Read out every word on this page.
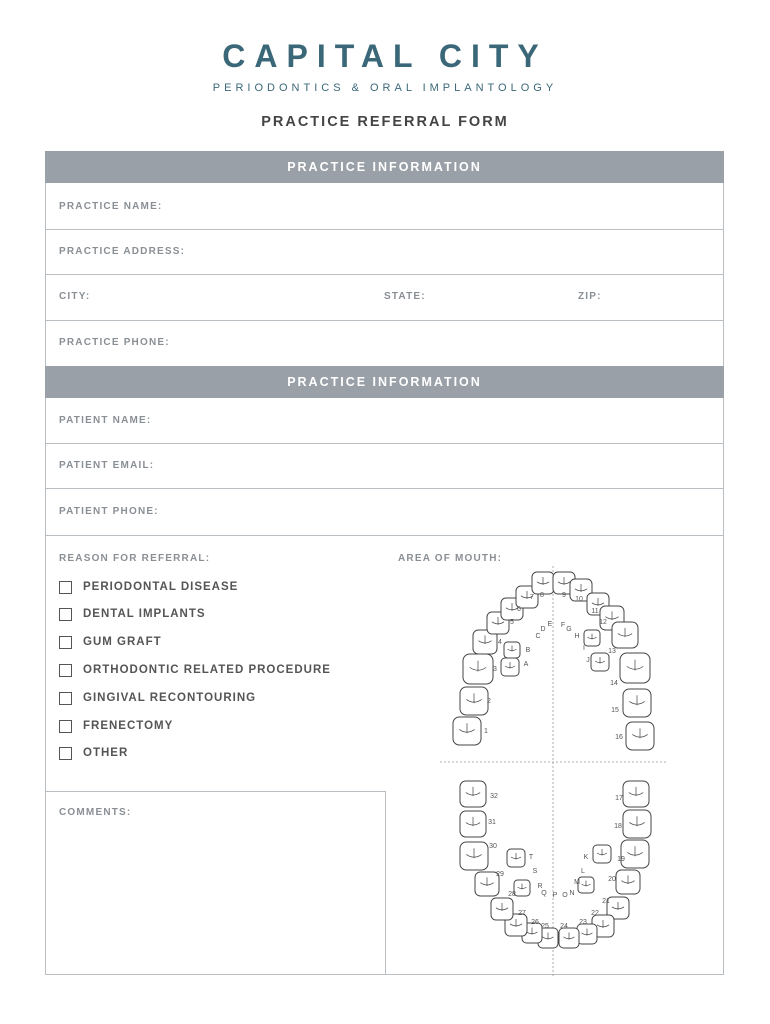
CAPITAL CITY
PERIODONTICS & ORAL IMPLANTOLOGY
PRACTICE REFERRAL FORM
PRACTICE INFORMATION
PRACTICE NAME:
PRACTICE ADDRESS:
CITY:	STATE:	ZIP:
PRACTICE PHONE:
PRACTICE INFORMATION
PATIENT NAME:
PATIENT EMAIL:
PATIENT PHONE:
REASON FOR REFERRAL:	AREA OF MOUTH:
PERIODONTAL DISEASE
DENTAL IMPLANTS
GUM GRAFT
ORTHODONTIC RELATED PROCEDURE
GINGIVAL RECONTOURING
FRENECTOMY
OTHER
COMMENTS:
1
2
3
4
5
6
7 8	9
10
11
12
13
14
15
16
A
B
C
D
E F
G
H
I
J
17
18
19
20
21
22
23
24
25
26
27
28
29
30
31
32
K
L
M
N
O
P
Q
R
S
T
